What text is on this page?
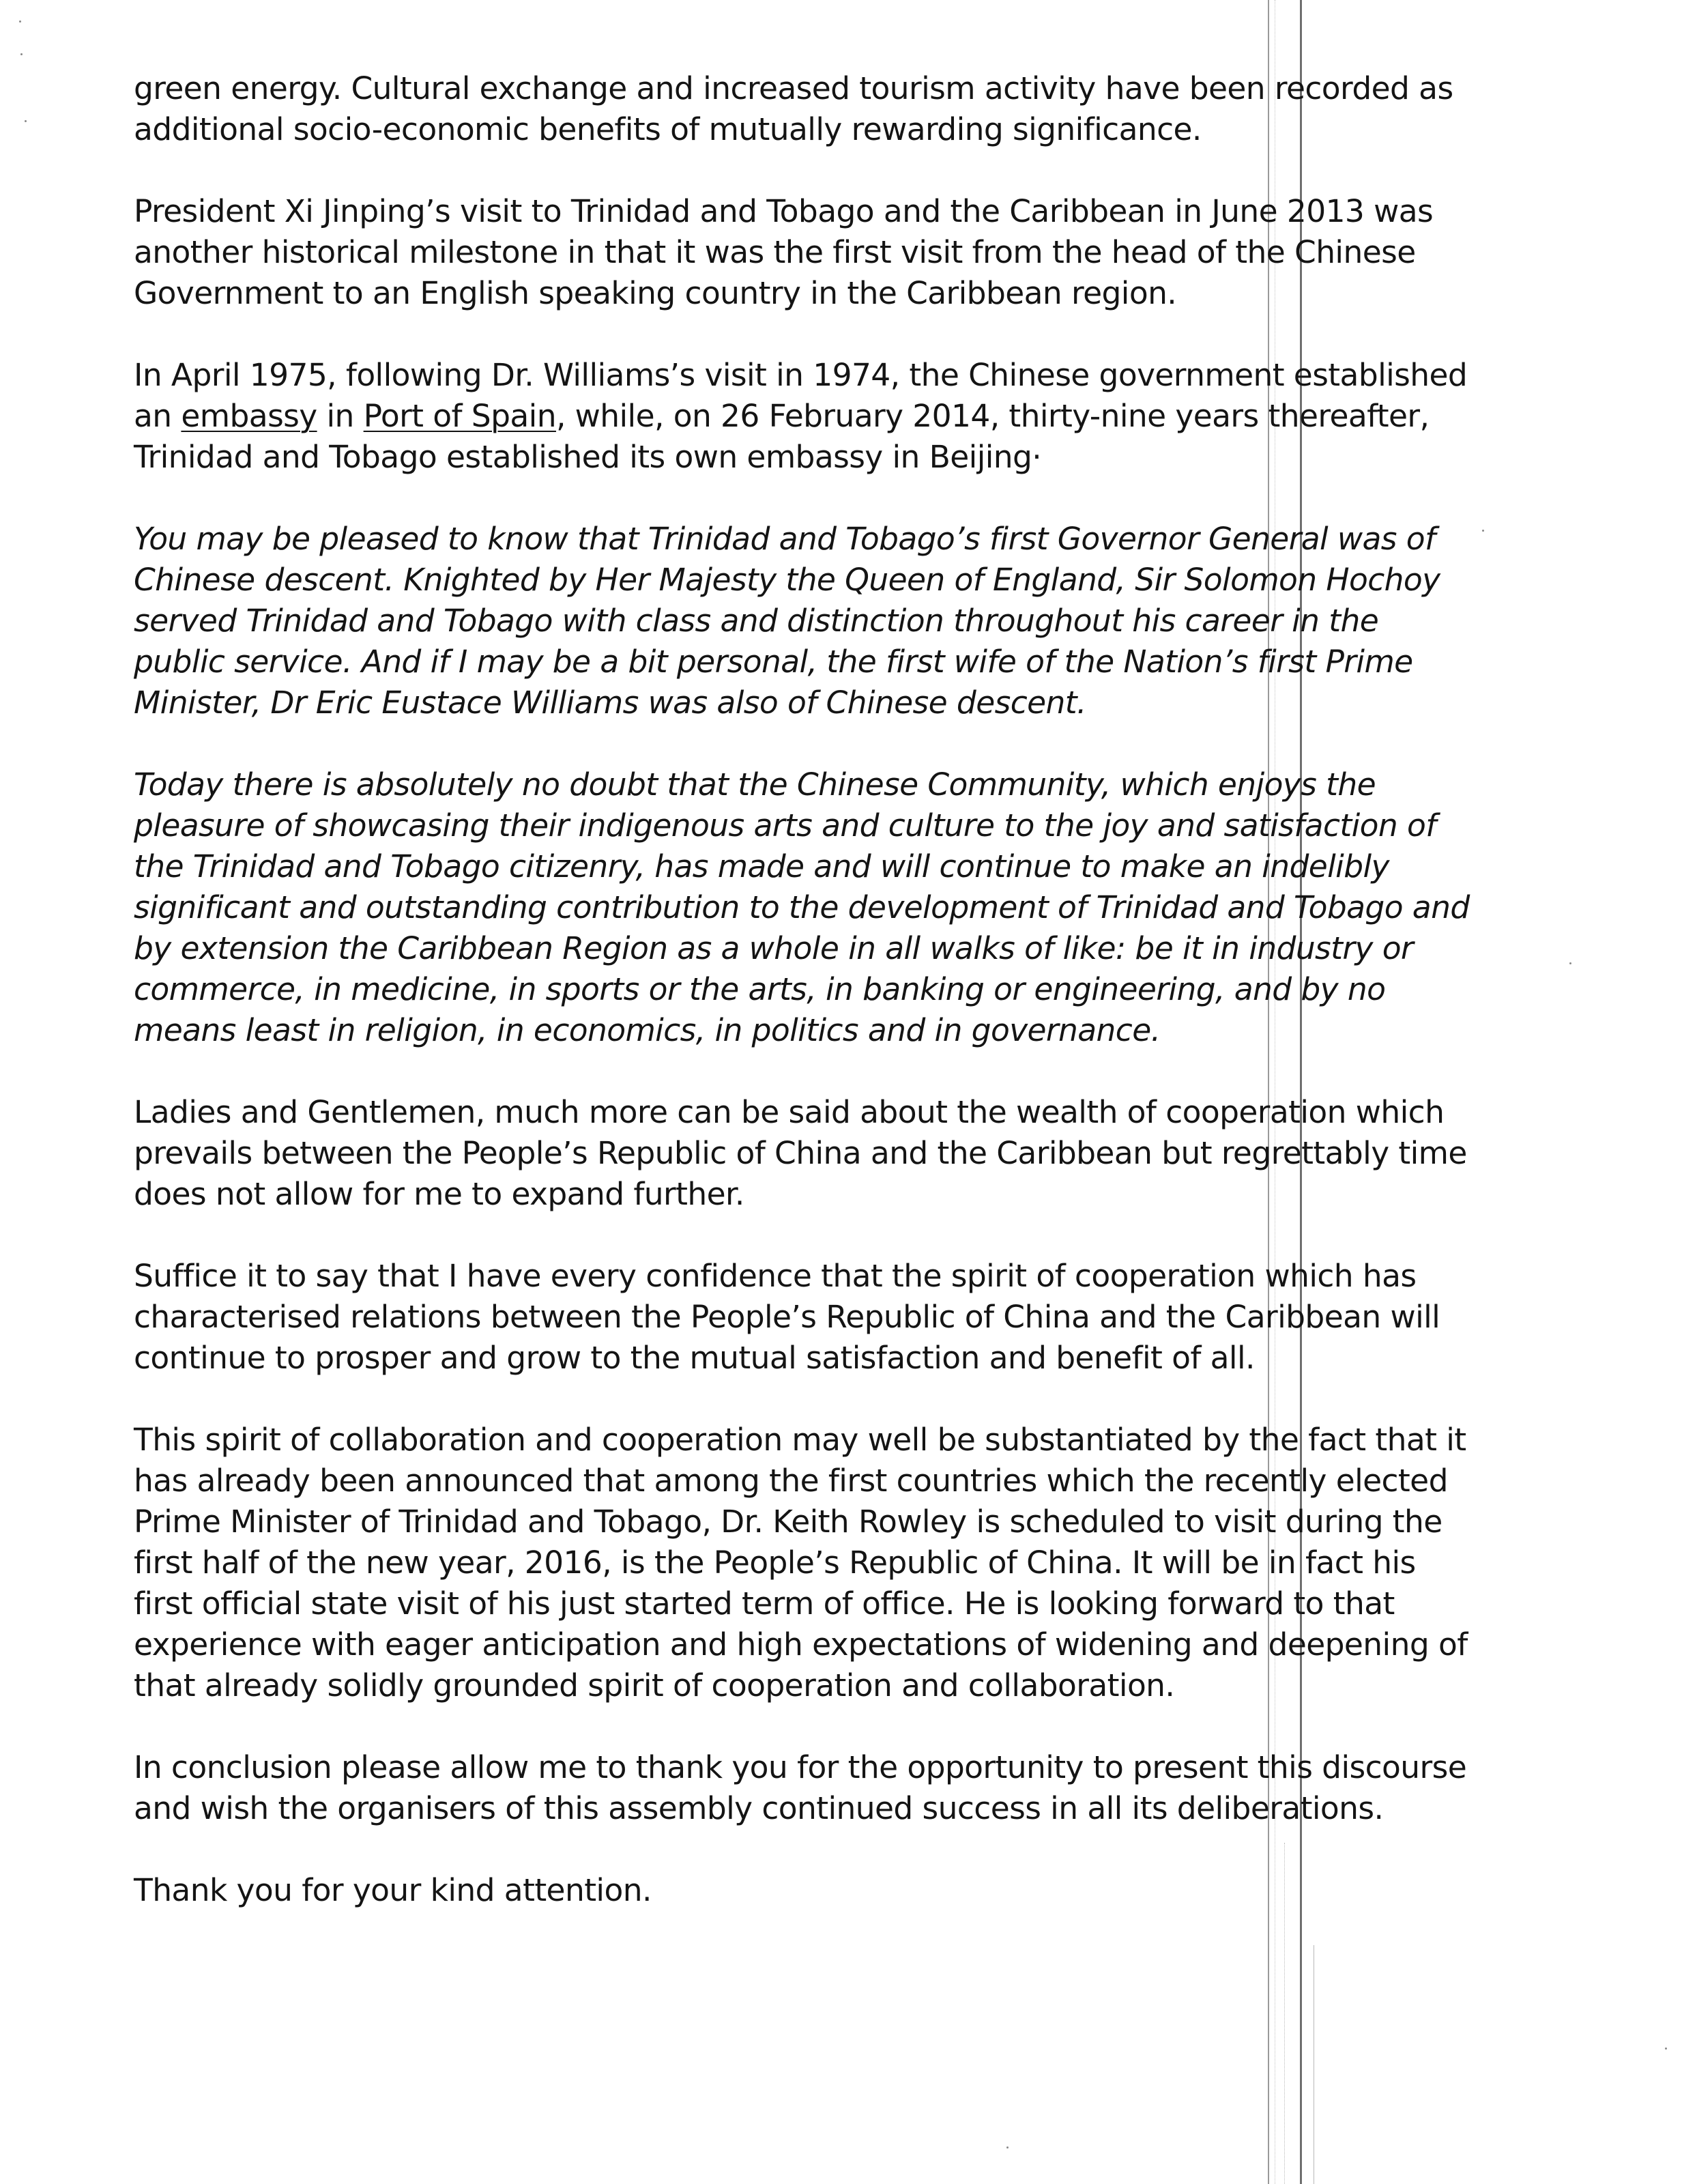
green energy. Cultural exchange and increased tourism activity have been recorded as
additional socio-economic benefits of mutually rewarding significance.

President Xi Jinping’s visit to Trinidad and Tobago and the Caribbean in June 2013 was
another historical milestone in that it was the first visit from the head of the Chinese
Government to an English speaking country in the Caribbean region.

In April 1975, following Dr. Williams’s visit in 1974, the Chinese government established
an embassy in Port of Spain, while, on 26 February 2014, thirty-nine years thereafter,
Trinidad and Tobago established its own embassy in Beijing·

You may be pleased to know that Trinidad and Tobago’s first Governor General was of
Chinese descent. Knighted by Her Majesty the Queen of England, Sir Solomon Hochoy
served Trinidad and Tobago with class and distinction throughout his career in the
public service. And if I may be a bit personal, the first wife of the Nation’s first Prime
Minister, Dr Eric Eustace Williams was also of Chinese descent.

Today there is absolutely no doubt that the Chinese Community, which enjoys the
pleasure of showcasing their indigenous arts and culture to the joy and satisfaction of
the Trinidad and Tobago citizenry, has made and will continue to make an indelibly
significant and outstanding contribution to the development of Trinidad and Tobago and
by extension the Caribbean Region as a whole in all walks of like: be it in industry or
commerce, in medicine, in sports or the arts, in banking or engineering, and by no
means least in religion, in economics, in politics and in governance.

Ladies and Gentlemen, much more can be said about the wealth of cooperation which
prevails between the People’s Republic of China and the Caribbean but regrettably time
does not allow for me to expand further.

Suffice it to say that I have every confidence that the spirit of cooperation which has
characterised relations between the People’s Republic of China and the Caribbean will
continue to prosper and grow to the mutual satisfaction and benefit of all.

This spirit of collaboration and cooperation may well be substantiated by the fact that it
has already been announced that among the first countries which the recently elected
Prime Minister of Trinidad and Tobago, Dr. Keith Rowley is scheduled to visit during the
first half of the new year, 2016, is the People’s Republic of China. It will be in fact his
first official state visit of his just started term of office. He is looking forward to that
experience with eager anticipation and high expectations of widening and deepening of
that already solidly grounded spirit of cooperation and collaboration.

In conclusion please allow me to thank you for the opportunity to present this discourse
and wish the organisers of this assembly continued success in all its deliberations.

Thank you for your kind attention.
